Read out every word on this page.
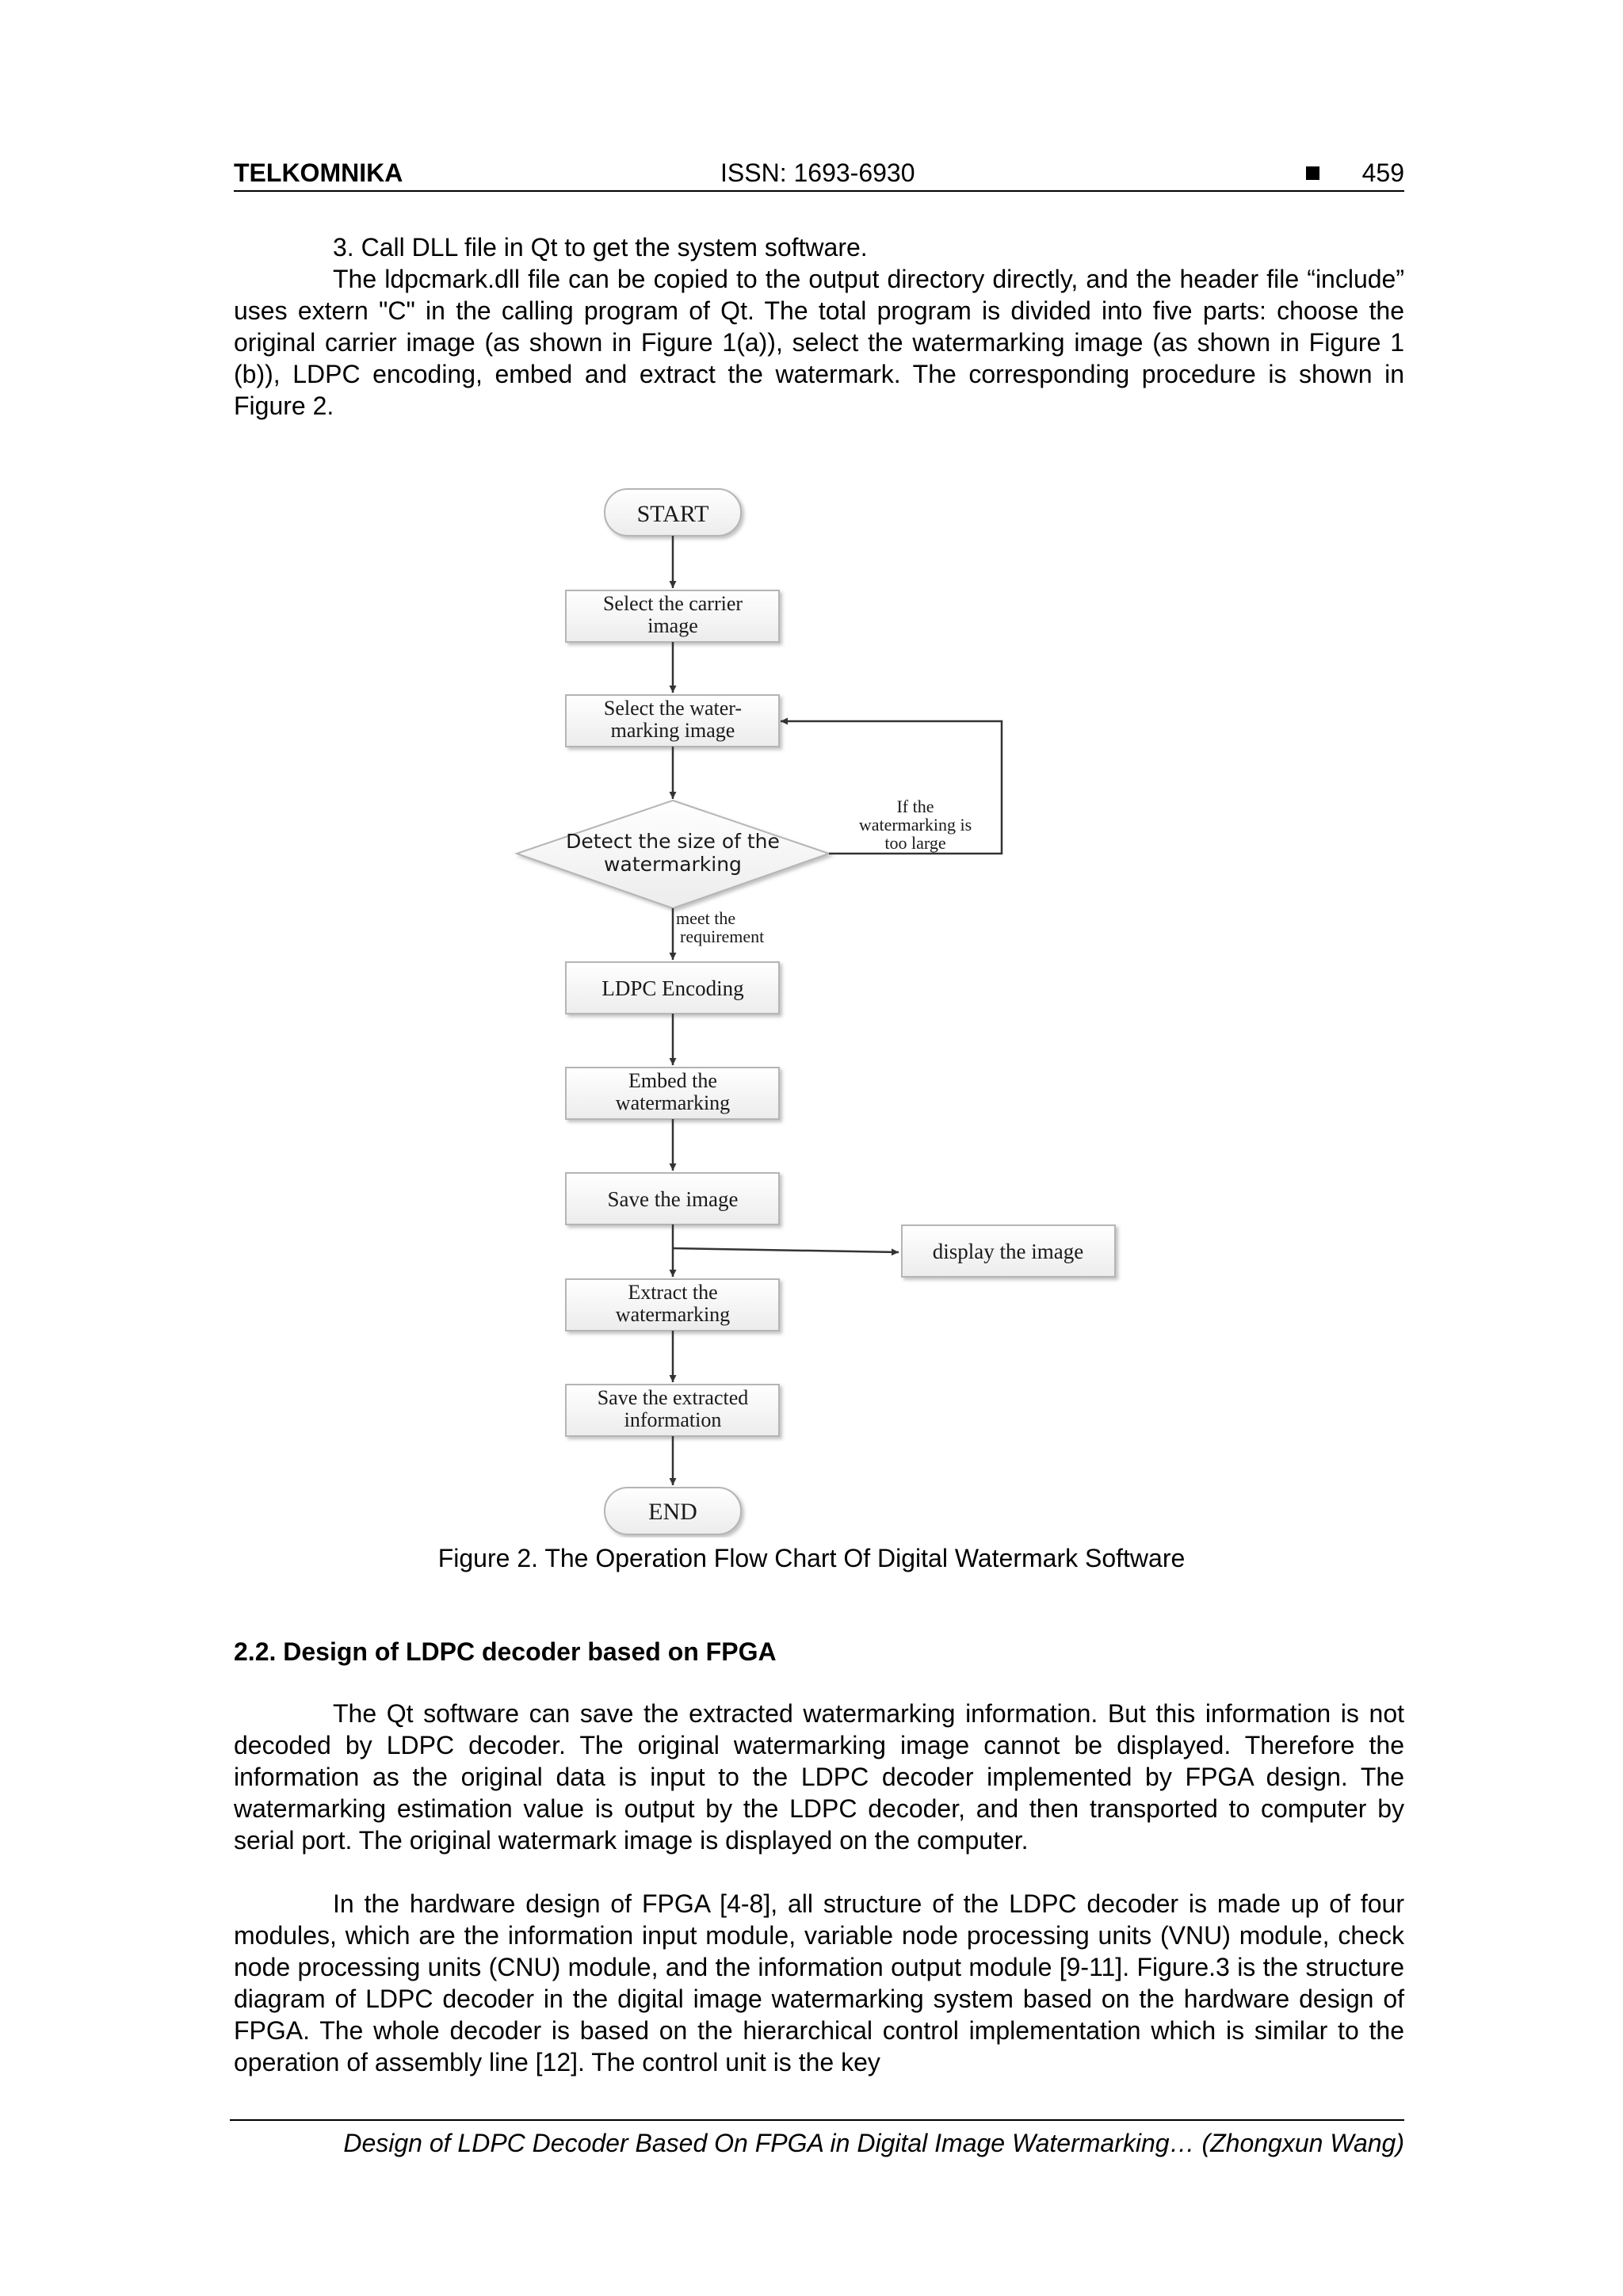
TELKOMNIKA	ISSN: 1693-6930	459

3. Call DLL file in Qt to get the system software.

The ldpcmark.dll file can be copied to the output directory directly, and the header file “include” uses extern "C" in the calling program of Qt. The total program is divided into five parts: choose the original carrier image (as shown in Figure 1(a)), select the watermarking image (as shown in Figure 1 (b)), LDPC encoding, embed and extract the watermark. The corresponding procedure is shown in Figure 2.

START
Select the carrier
image
Select the water-
marking image
Detect the size of the
watermarking
If the
watermarking is
too large
meet the
requirement
LDPC Encoding
Embed the
watermarking
Save the image
display the image
Extract the
watermarking
Save the extracted
information
END
Figure 2. The Operation Flow Chart Of Digital Watermark Software
2.2. Design of LDPC decoder based on FPGA

The Qt software can save the extracted watermarking information. But this information is not decoded by LDPC decoder. The original watermarking image cannot be displayed. Therefore the information as the original data is input to the LDPC decoder implemented by FPGA design. The watermarking estimation value is output by the LDPC decoder, and then transported to computer by serial port. The original watermark image is displayed on the computer.

In the hardware design of FPGA [4-8], all structure of the LDPC decoder is made up of four modules, which are the information input module, variable node processing units (VNU) module, check node processing units (CNU) module, and the information output module [9-11]. Figure.3 is the structure diagram of LDPC decoder in the digital image watermarking system based on the hardware design of FPGA. The whole decoder is based on the hierarchical control implementation which is similar to the operation of assembly line [12]. The control unit is the key

Design of LDPC Decoder Based On FPGA in Digital Image Watermarking… (Zhongxun Wang)
